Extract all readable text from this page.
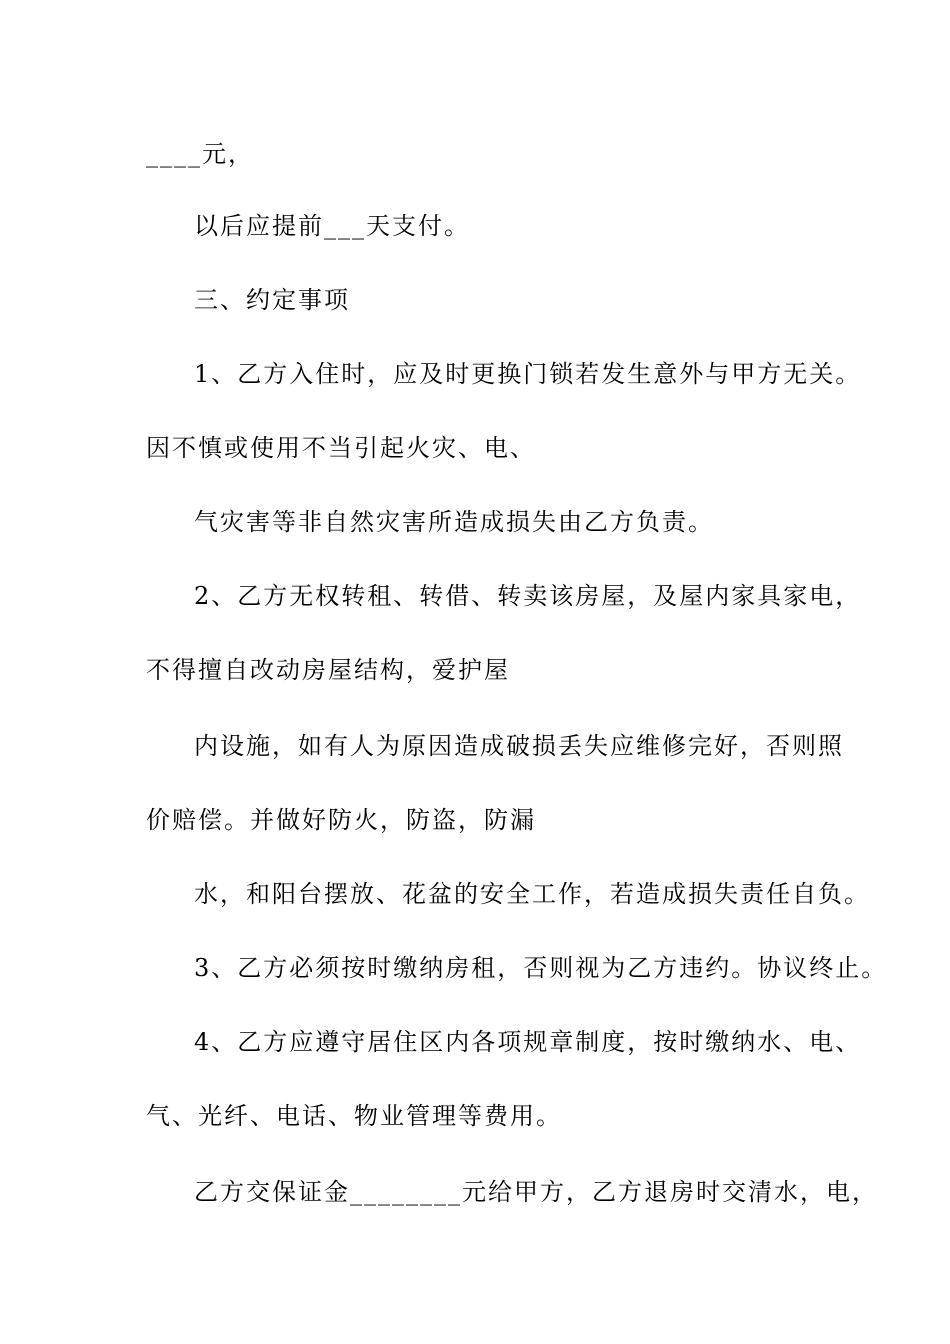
____元，
以后应提前___天支付。
三、约定事项
1、乙方入住时，应及时更换门锁若发生意外与甲方无关。
因不慎或使用不当引起火灾、电、
气灾害等非自然灾害所造成损失由乙方负责。
2、乙方无权转租、转借、转卖该房屋，及屋内家具家电，
不得擅自改动房屋结构，爱护屋
内设施，如有人为原因造成破损丢失应维修完好，否则照
价赔偿。并做好防火，防盗，防漏
水，和阳台摆放、花盆的安全工作，若造成损失责任自负。
3、乙方必须按时缴纳房租，否则视为乙方违约。协议终止。
4、乙方应遵守居住区内各项规章制度，按时缴纳水、电、
气、光纤、电话、物业管理等费用。
乙方交保证金________元给甲方，乙方退房时交清水，电，
